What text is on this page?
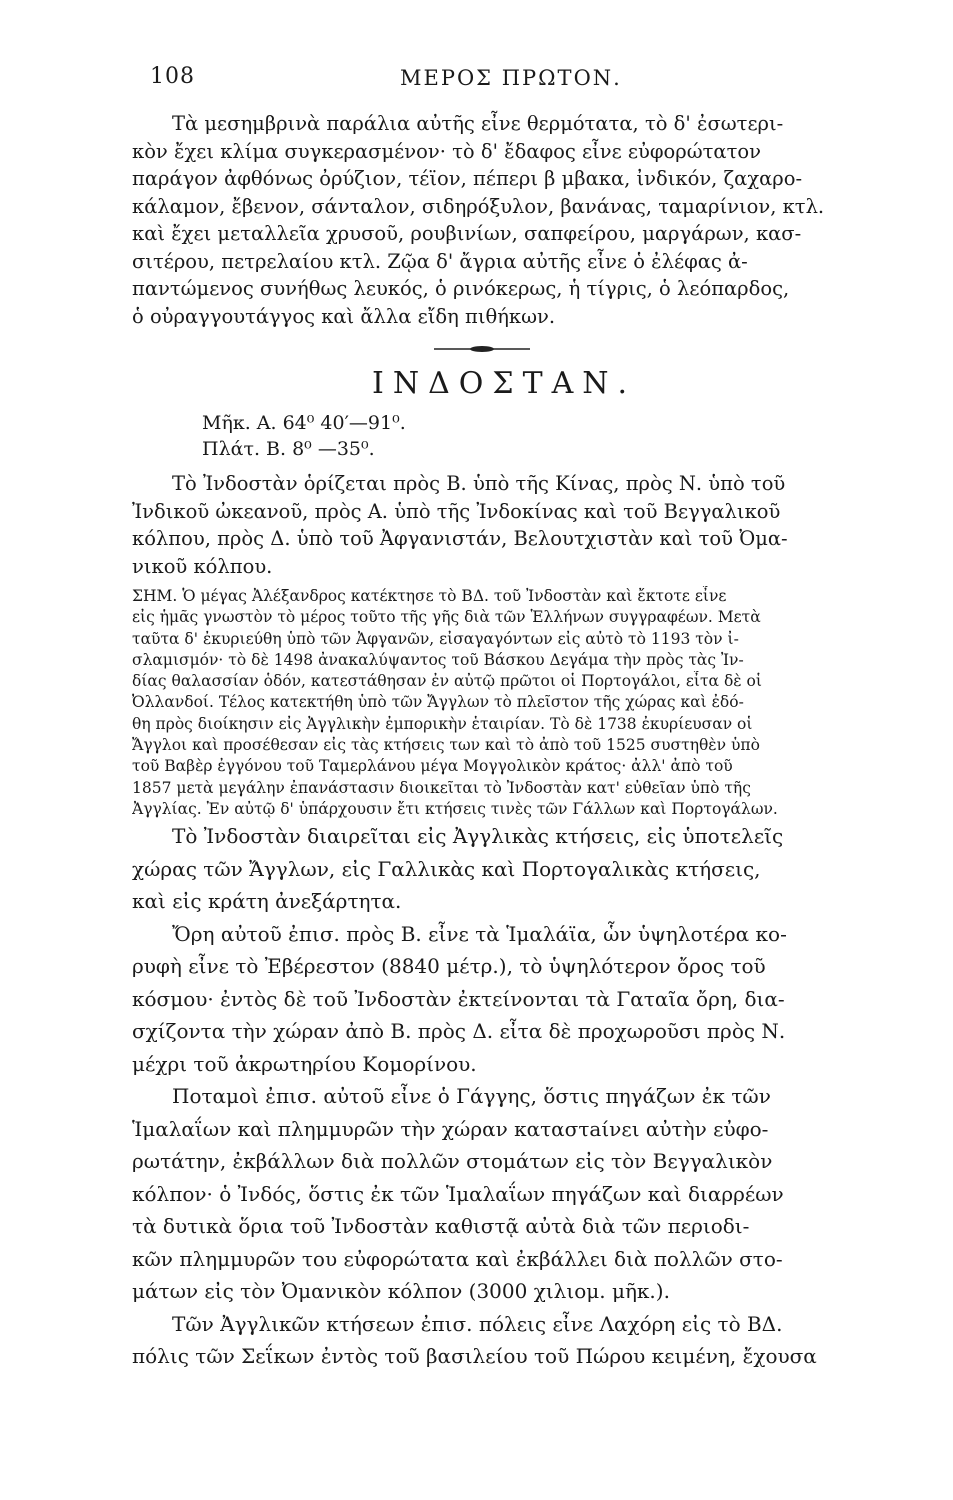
108	ΜΕΡΟΣ ΠΡΩΤΟΝ.
Τὰ μεσημβρινὰ παράλια αὐτῆς εἶνε θερμότατα, τὸ δ' ἐσωτερι-
κὸν ἔχει κλίμα συγκερασμένον· τὸ δ' ἔδαφος εἶνε εὐφορώτατον
παράγον ἀφθόνως ὀρύζιον, τέϊον, πέπερι β μβακα, ἰνδικόν, ζαχαρο-
κάλαμον, ἔβενον, σάνταλον, σιδηρόξυλον, βανάνας, ταμαρίνιον, κτλ.
καὶ ἔχει μεταλλεῖα χρυσοῦ, ρουβινίων, σαπφείρου, μαργάρων, κασ-
σιτέρου, πετρελαίου κτλ. Ζῷα δ' ἄγρια αὐτῆς εἶνε ὁ ἐλέφας ἀ-
παντώμενος συνήθως λευκός, ὁ ρινόκερως, ἡ τίγρις, ὁ λεόπαρδος,
ὁ οὐραγγουτάγγος καὶ ἄλλα εἴδη πιθήκων.
ΙΝΔΟΣΤΑΝ.
Μῆκ. Α. 64⁰ 40′—91⁰.
Πλάτ. Β. 8⁰ —35⁰.
Τὸ Ἰνδοστὰν ὁρίζεται πρὸς Β. ὑπὸ τῆς Κίνας, πρὸς Ν. ὑπὸ τοῦ
Ἰνδικοῦ ὠκεανοῦ, πρὸς Α. ὑπὸ τῆς Ἰνδοκίνας καὶ τοῦ Βεγγαλικοῦ
κόλπου, πρὸς Δ. ὑπὸ τοῦ Ἀφγανιστάν, Βελουτχιστὰν καὶ τοῦ Ὀμα-
νικοῦ κόλπου.
ΣΗΜ. Ὁ μέγας Ἀλέξανδρος κατέκτησε τὸ ΒΔ. τοῦ Ἰνδοστὰν καὶ ἔκτοτε εἶνε
εἰς ἡμᾶς γνωστὸν τὸ μέρος τοῦτο τῆς γῆς διὰ τῶν Ἑλλήνων συγγραφέων. Μετὰ
ταῦτα δ' ἐκυριεύθη ὑπὸ τῶν Ἀφγανῶν, εἰσαγαγόντων εἰς αὐτὸ τὸ 1193 τὸν ἰ-
σλαμισμόν· τὸ δὲ 1498 ἀνακαλύψαντος τοῦ Βάσκου Δεγάμα τὴν πρὸς τὰς Ἰν-
δίας θαλασσίαν ὁδόν, κατεστάθησαν ἐν αὐτῷ πρῶτοι οἱ Πορτογάλοι, εἶτα δὲ οἱ
Ὀλλανδοί. Τέλος κατεκτήθη ὑπὸ τῶν Ἄγγλων τὸ πλεῖστον τῆς χώρας καὶ ἐδό-
θη πρὸς διοίκησιν εἰς Ἀγγλικὴν ἐμπορικὴν ἑταιρίαν. Τὸ δὲ 1738 ἐκυρίευσαν οἱ
Ἄγγλοι καὶ προσέθεσαν εἰς τὰς κτήσεις των καὶ τὸ ἀπὸ τοῦ 1525 συστηθὲν ὑπὸ
τοῦ Βαβὲρ ἐγγόνου τοῦ Ταμερλάνου μέγα Μογγολικὸν κράτος· ἀλλ' ἀπὸ τοῦ
1857 μετὰ μεγάλην ἐπανάστασιν διοικεῖται τὸ Ἰνδοστὰν κατ' εὐθεῖαν ὑπὸ τῆς
Ἀγγλίας. Ἐν αὐτῷ δ' ὑπάρχουσιν ἔτι κτήσεις τινὲς τῶν Γάλλων καὶ Πορτογάλων.
Τὸ Ἰνδοστὰν διαιρεῖται εἰς Ἀγγλικὰς κτήσεις, εἰς ὑποτελεῖς
χώρας τῶν Ἄγγλων, εἰς Γαλλικὰς καὶ Πορτογαλικὰς κτήσεις,
καὶ εἰς κράτη ἀνεξάρτητα.
Ὄρη αὐτοῦ ἐπισ. πρὸς Β. εἶνε τὰ Ἱμαλάϊα, ὧν ὑψηλοτέρα κο-
ρυφὴ εἶνε τὸ Ἐβέρεστον (8840 μέτρ.), τὸ ὑψηλότερον ὄρος τοῦ
κόσμου· ἐντὸς δὲ τοῦ Ἰνδοστὰν ἐκτείνονται τὰ Γαταῖα ὄρη, δια-
σχίζοντα τὴν χώραν ἀπὸ Β. πρὸς Δ. εἶτα δὲ προχωροῦσι πρὸς Ν.
μέχρι τοῦ ἀκρωτηρίου Κομορίνου.
Ποταμοὶ ἐπισ. αὐτοῦ εἶνε ὁ Γάγγης, ὅστις πηγάζων ἐκ τῶν
Ἱμαλαΐων καὶ πλημμυρῶν τὴν χώραν καταστaίνει αὐτὴν εὐφο-
ρωτάτην, ἐκβάλλων διὰ πολλῶν στομάτων εἰς τὸν Βεγγαλικὸν
κόλπον· ὁ Ἰνδός, ὅστις ἐκ τῶν Ἱμαλαΐων πηγάζων καὶ διαρρέων
τὰ δυτικὰ ὅρια τοῦ Ἰνδοστὰν καθιστᾷ αὐτὰ διὰ τῶν περιοδι-
κῶν πλημμυρῶν του εὐφορώτατα καὶ ἐκβάλλει διὰ πολλῶν στο-
μάτων εἰς τὸν Ὀμανικὸν κόλπον (3000 χιλιομ. μῆκ.).
Τῶν Ἀγγλικῶν κτήσεων ἐπισ. πόλεις εἶνε Λαχόρη εἰς τὸ ΒΔ.
πόλις τῶν Σεΐκων ἐντὸς τοῦ βασιλείου τοῦ Πώρου κειμένη, ἔχουσα
